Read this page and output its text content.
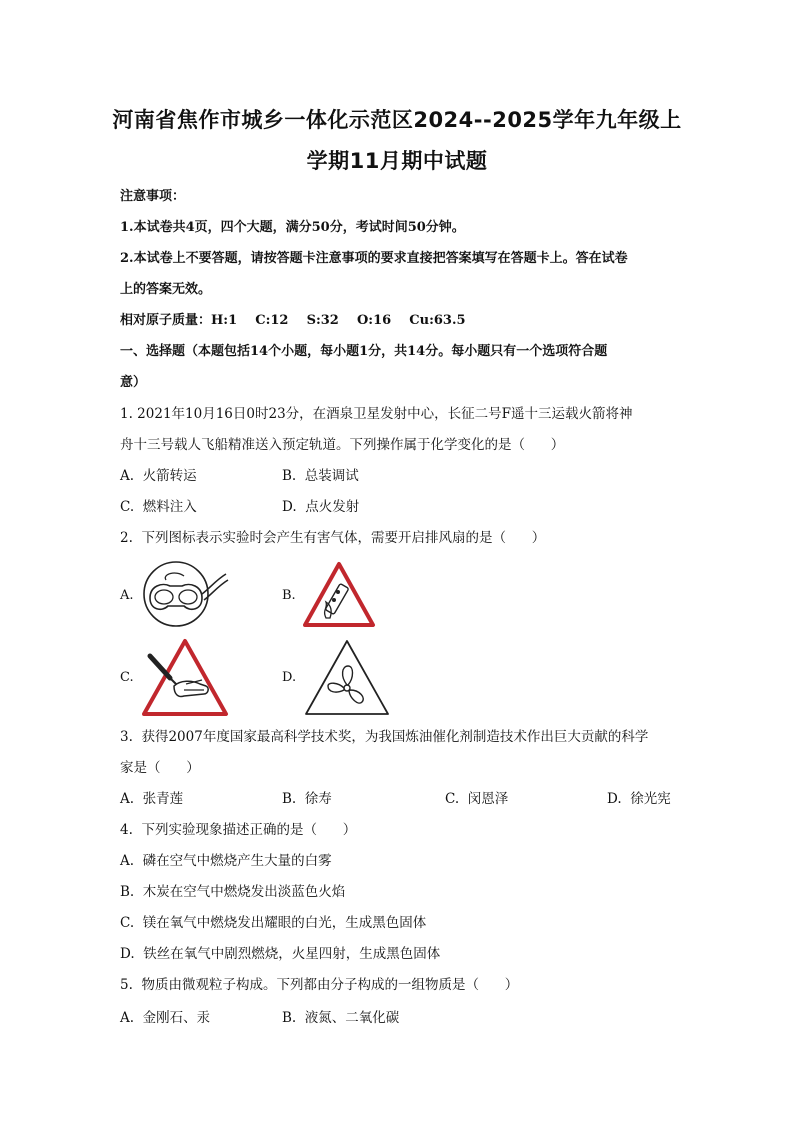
河南省焦作市城乡一体化示范区2024--2025学年九年级上
学期11月期中试题
注意事项：
1.本试卷共4页，四个大题，满分50分，考试时间50分钟。
2.本试卷上不要答题，请按答题卡注意事项的要求直接把答案填写在答题卡上。答在试卷
上的答案无效。
相对原子质量：H:1    C:12    S:32    O:16    Cu:63.5
一、选择题（本题包括14个小题，每小题1分，共14分。每小题只有一个选项符合题
意）
1. 2021年10月16日0时23分，在酒泉卫星发射中心，长征二号F遥十三运载火箭将神
舟十三号载人飞船精准送入预定轨道。下列操作属于化学变化的是（      ）
A.  火箭转运	B.  总装调试
C.  燃料注入	D.  点火发射
2.  下列图标表示实验时会产生有害气体，需要开启排风扇的是（      ）
A.	B.
C.	D.
3.  获得2007年度国家最高科学技术奖，为我国炼油催化剂制造技术作出巨大贡献的科学
家是（      ）
A.  张青莲	B.  徐寿	C.  闵恩泽	D.  徐光宪
4.  下列实验现象描述正确的是（      ）
A.  磷在空气中燃烧产生大量的白雾
B.  木炭在空气中燃烧发出淡蓝色火焰
C.  镁在氧气中燃烧发出耀眼的白光，生成黑色固体
D.  铁丝在氧气中剧烈燃烧，火星四射，生成黑色固体
5.  物质由微观粒子构成。下列都由分子构成的一组物质是（      ）
A.  金刚石、汞	B.  液氮、二氧化碳
